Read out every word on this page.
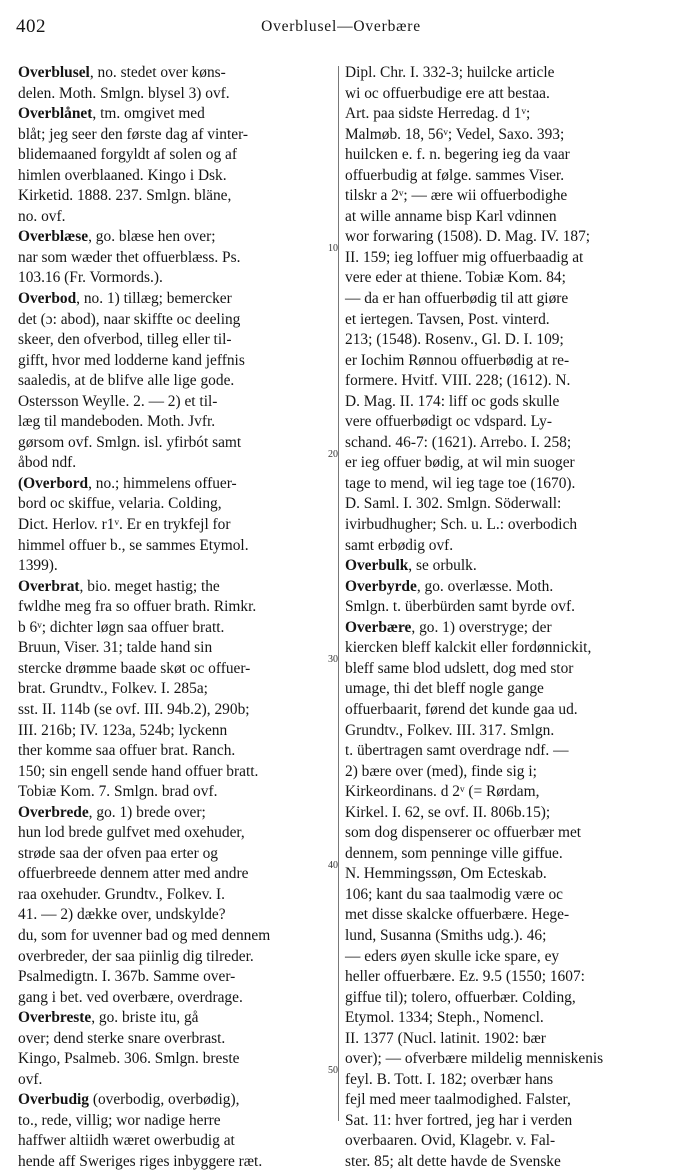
402	Overblusel—Overbære
Overblusel, no. stedet over køns-
delen. Moth. Smlgn. blysel 3) ovf.
Overblånet, tm. omgivet med
blåt; jeg seer den første dag af vinter-
blidemaaned forgyldt af solen og af
himlen overblaaned. Kingo i Dsk.
Kirketid. 1888. 237. Smlgn. bläne,
no. ovf.
Overblæse, go. blæse hen over;
nar som wæder thet offuerblæss. Ps.
103.16 (Fr. Vormords.).
Overbod, no. 1) tillæg; bemercker
det (ɔ: abod), naar skiffte oc deeling
skeer, den ofverbod, tilleg eller til-
gifft, hvor med lodderne kand jeffnis
saaledis, at de blifve alle lige gode.
Ostersson Weylle. 2. — 2) et til-
læg til mandeboden. Moth. Jvfr.
gørsom ovf. Smlgn. isl. yfirbót samt
åbod ndf.
(Overbord, no.; himmelens offuer-
bord oc skiffue, velaria. Colding,
Dict. Herlov. r1ᵛ. Er en trykfejl for
himmel offuer b., se sammes Etymol.
1399).
Overbrat, bio. meget hastig; the
fwldhe meg fra so offuer brath. Rimkr.
b 6ᵛ; dichter løgn saa offuer bratt.
Bruun, Viser. 31; talde hand sin
stercke drømme baade skøt oc offuer-
brat. Grundtv., Folkev. I. 285a;
sst. II. 114b (se ovf. III. 94b.2), 290b;
III. 216b; IV. 123a, 524b; lyckenn
ther komme saa offuer brat. Ranch.
150; sin engell sende hand offuer bratt.
Tobiæ Kom. 7. Smlgn. brad ovf.
Overbrede, go. 1) brede over;
hun lod brede gulfvet med oxehuder,
strøde saa der ofven paa erter og
offuerbreede dennem atter med andre
raa oxehuder. Grundtv., Folkev. I.
41. — 2) dække over, undskylde?
du, som for uvenner bad og med dennem
overbreder, der saa piinlig dig tilreder.
Psalmedigtn. I. 367b. Samme over-
gang i bet. ved overbære, overdrage.
Overbreste, go. briste itu, gå
over; dend sterke snare overbrast.
Kingo, Psalmeb. 306. Smlgn. breste
ovf.
Overbudig (overbodig, overbødig),
to., rede, villig; wor nadige herre
haffwer altiidh wæret owerbudig at
hende aff Sweriges riges inbyggere ræt.
Dipl. Chr. I. 332-3; huilcke article
wi oc offuerbudige ere att bestaa.
Art. paa sidste Herredag. d 1ᵛ;
Malmøb. 18, 56ᵛ; Vedel, Saxo. 393;
huilcken e. f. n. begering ieg da vaar
offuerbudig at følge. sammes Viser.
tilskr a 2ᵛ; — ære wii offuerbodighe
at wille anname bisp Karl vdinnen
wor forwaring (1508). D. Mag. IV. 187;
II. 159; ieg loffuer mig offuerbaadig at
vere eder at thiene. Tobiæ Kom. 84;
— da er han offuerbødig til att giøre
et iertegen. Tavsen, Post. vinterd.
213; (1548). Rosenv., Gl. D. I. 109;
er Iochim Rønnou offuerbødig at re-
formere. Hvitf. VIII. 228; (1612). N.
D. Mag. II. 174: liff oc gods skulle
vere offuerbødigt oc vdspard. Ly-
schand. 46-7: (1621). Arrebo. I. 258;
er ieg offuer bødig, at wil min suoger
tage to mend, wil ieg tage toe (1670).
D. Saml. I. 302. Smlgn. Söderwall:
ivirbudhugher; Sch. u. L.: overbodich
samt erbødig ovf.
Overbulk, se orbulk.
Overbyrde, go. overlæsse. Moth.
Smlgn. t. überbürden samt byrde ovf.
Overbære, go. 1) overstryge; der
kiercken bleff kalckit eller fordønnickit,
bleff same blod udslett, dog med stor
umage, thi det bleff nogle gange
offuerbaarit, førend det kunde gaa ud.
Grundtv., Folkev. III. 317. Smlgn.
t. übertragen samt overdrage ndf. —
2) bære over (med), finde sig i;
Kirkeordinans. d 2ᵛ (= Rørdam,
Kirkel. I. 62, se ovf. II. 806b.15);
som dog dispenserer oc offuerbær met
dennem, som penninge ville giffue.
N. Hemmingssøn, Om Ecteskab.
106; kant du saa taalmodig være oc
met disse skalcke offuerbære. Hege-
lund, Susanna (Smiths udg.). 46;
— eders øyen skulle icke spare, ey
heller offuerbære. Ez. 9.5 (1550; 1607:
giffue til); tolero, offuerbær. Colding,
Etymol. 1334; Steph., Nomencl.
II. 1377 (Nucl. latinit. 1902: bær
over); — ofverbære mildelig menniskenis
feyl. B. Tott. I. 182; overbær hans
fejl med meer taalmodighed. Falster,
Sat. 11: hver fortred, jeg har i verden
overbaaren. Ovid, Klagebr. v. Fal-
ster. 85; alt dette havde de Svenske
10
20
30
40
50
